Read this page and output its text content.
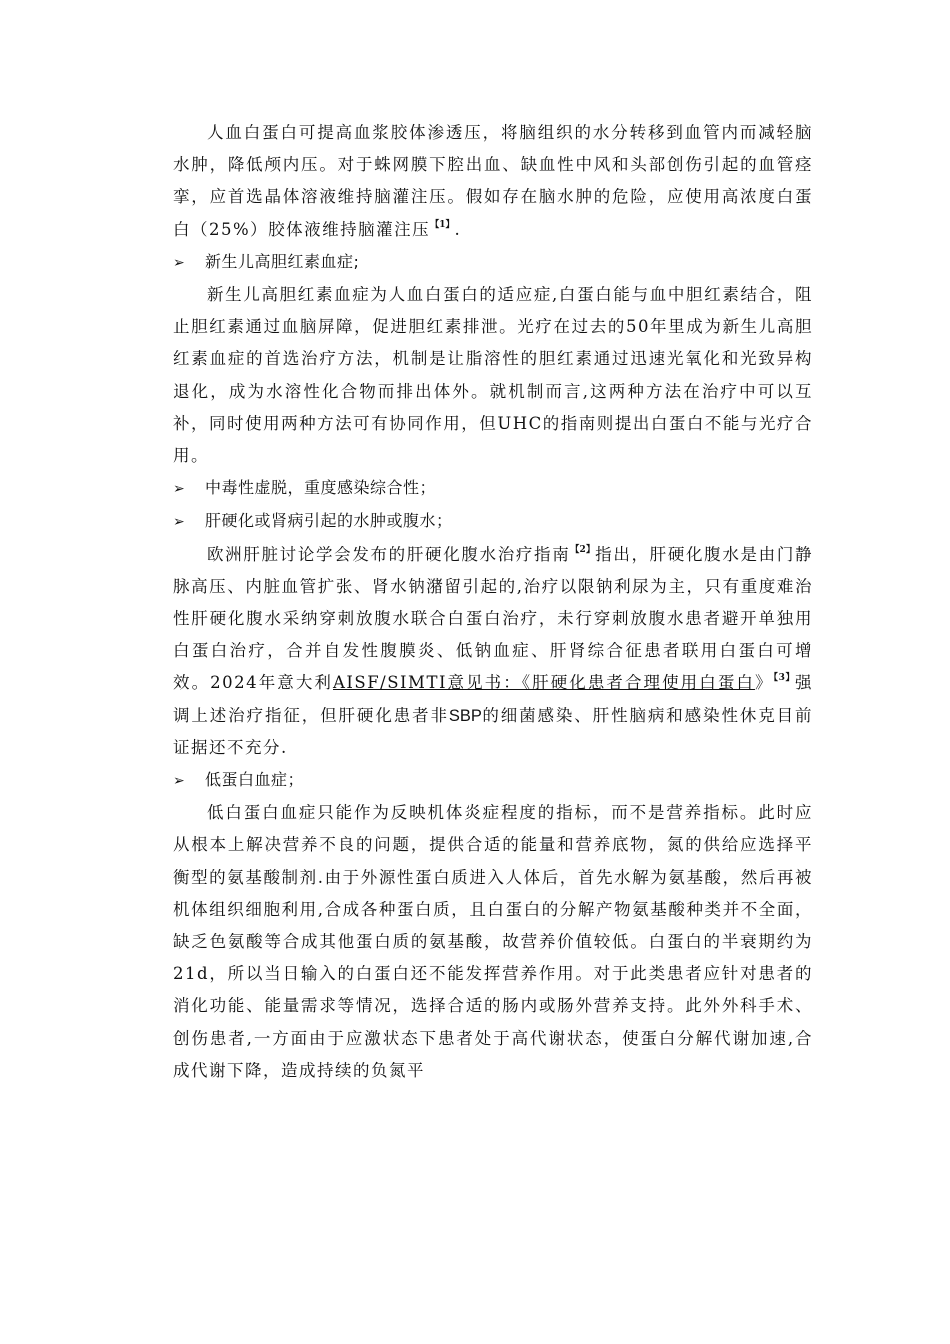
人血白蛋白可提高血浆胶体渗透压，将脑组织的水分转移到血管内而减轻脑水肿，降低颅内压。对于蛛网膜下腔出血、缺血性中风和头部创伤引起的血管痉挛，应首选晶体溶液维持脑灌注压。假如存在脑水肿的危险，应使用高浓度白蛋白（25%）胶体液维持脑灌注压$^{【1】}$.

➢ 新生儿高胆红素血症;

新生儿高胆红素血症为人血白蛋白的适应症,白蛋白能与血中胆红素结合，阻止胆红素通过血脑屏障，促进胆红素排泄。光疗在过去的50年里成为新生儿高胆红素血症的首选治疗方法，机制是让脂溶性的胆红素通过迅速光氧化和光致异构退化，成为水溶性化合物而排出体外。就机制而言,这两种方法在治疗中可以互补，同时使用两种方法可有协同作用，但UHC的指南则提出白蛋白不能与光疗合用。

➢ 中毒性虚脱，重度感染综合性；

➢ 肝硬化或肾病引起的水肿或腹水；

欧洲肝脏讨论学会发布的肝硬化腹水治疗指南$^{【2】}$指出，肝硬化腹水是由门静脉高压、内脏血管扩张、肾水钠潴留引起的,治疗以限钠利尿为主，只有重度难治性肝硬化腹水采纳穿刺放腹水联合白蛋白治疗，未行穿刺放腹水患者避开单独用白蛋白治疗，合并自发性腹膜炎、低钠血症、肝肾综合征患者联用白蛋白可增效。2024年意大利AISF/SIMTI意见书：《肝硬化患者合理使用白蛋白》$^{【3】}$强调上述治疗指征，但肝硬化患者非SBP的细菌感染、肝性脑病和感染性休克目前证据还不充分.

➢ 低蛋白血症；

低白蛋白血症只能作为反映机体炎症程度的指标，而不是营养指标。此时应从根本上解决营养不良的问题，提供合适的能量和营养底物，氮的供给应选择平衡型的氨基酸制剂.由于外源性蛋白质进入人体后，首先水解为氨基酸，然后再被机体组织细胞利用,合成各种蛋白质，且白蛋白的分解产物氨基酸种类并不全面，缺乏色氨酸等合成其他蛋白质的氨基酸，故营养价值较低。白蛋白的半衰期约为21d，所以当日输入的白蛋白还不能发挥营养作用。对于此类患者应针对患者的消化功能、能量需求等情况，选择合适的肠内或肠外营养支持。此外外科手术、创伤患者,一方面由于应激状态下患者处于高代谢状态，使蛋白分解代谢加速,合成代谢下降，造成持续的负氮平
